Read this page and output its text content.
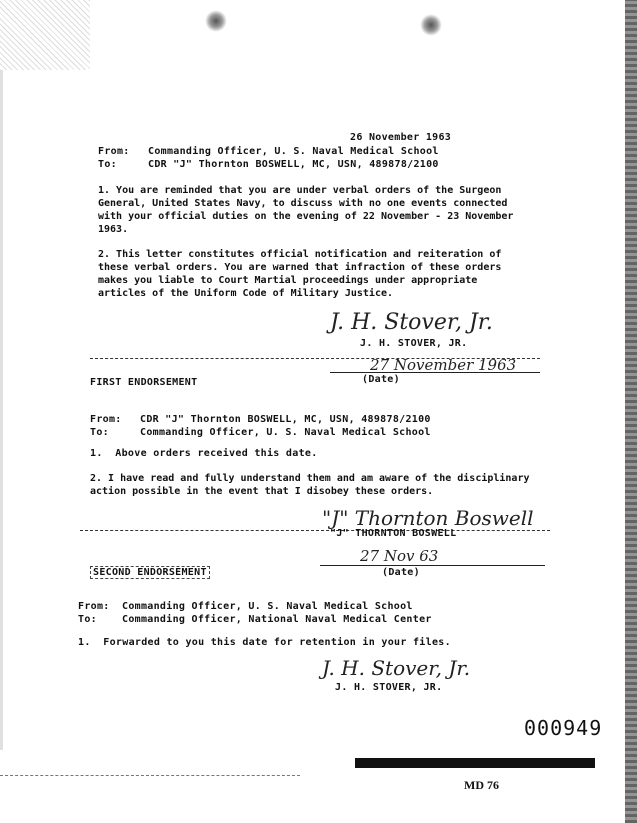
26 November 1963
From: Commanding Officer, U. S. Naval Medical School
To:	CDR "J" Thornton BOSWELL, MC, USN, 489878/2100
1. You are reminded that you are under verbal orders of the Surgeon General, United States Navy, to discuss with no one events connected with your official duties on the evening of 22 November - 23 November 1963.
2. This letter constitutes official notification and reiteration of these verbal orders. You are warned that infraction of these orders makes you liable to Court Martial proceedings under appropriate articles of the Uniform Code of Military Justice.
J. H. Stover, Jr.
J. H. STOVER, JR.
27 November 1963
(Date)
FIRST ENDORSEMENT
From: CDR "J" Thornton BOSWELL, MC, USN, 489878/2100
To:	Commanding Officer, U. S. Naval Medical School
1.  Above orders received this date.
2. I have read and fully understand them and am aware of the disciplinary action possible in the event that I disobey these orders.
"J" Thornton Boswell
"J" THORNTON BOSWELL
27 Nov 63
(Date)
SECOND ENDORSEMENT
From: Commanding Officer, U. S. Naval Medical School
To:	Commanding Officer, National Naval Medical Center
1.  Forwarded to you this date for retention in your files.
J. H. Stover, Jr.
J. H. STOVER, JR.
000949
MD 76
